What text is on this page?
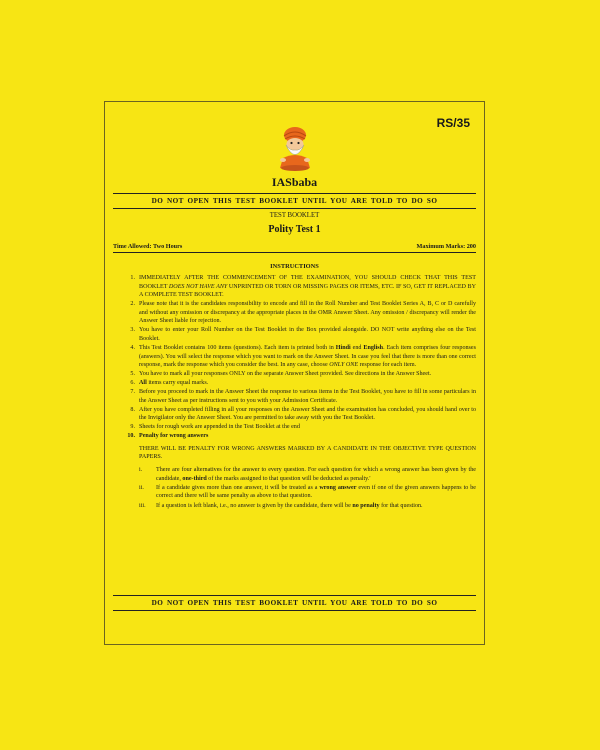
RS/35
IASbaba
DO NOT OPEN THIS TEST BOOKLET UNTIL YOU ARE TOLD TO DO SO
TEST BOOKLET
Polity Test 1
Time Allowed: Two Hours	Maximum Marks: 200
INSTRUCTIONS
1. IMMEDIATELY AFTER THE COMMENCEMENT OF THE EXAMINATION, YOU SHOULD CHECK THAT THIS TEST BOOKLET DOES NOT HAVE ANY UNPRINTED OR TORN OR MISSING PAGES OR ITEMS, ETC. IF SO, GET IT REPLACED BY A COMPLETE TEST BOOKLET.
2. Please note that it is the candidates responsibility to encode and fill in the Roll Number and Test Booklet Series A, B, C or D carefully and without any omission or discrepancy at the appropriate places in the OMR Answer Sheet. Any omission / discrepancy will render the Answer Sheet liable for rejection.
3. You have to enter your Roll Number on the Test Booklet in the Box provided alongside. DO NOT write anything else on the Test Booklet.
4. This Test Booklet contains 100 items (questions). Each item is printed both in Hindi end English. Each item comprises four responses (answers). You will select the response which you want to mark on the Answer Sheet. In case you feel that there is more than one correct response, mark the response which you consider the best. In any case, choose ONLY ONE response for each item.
5. You have to mark all your responses ONLY on the separate Answer Sheet provided. See directions in the Answer Sheet.
6. All items carry equal marks.
7. Before you proceed to mark in the Answer Sheet the response to various items in the Test Booklet, you have to fill in some particulars in the Answer Sheet as per instructions sent to you with your Admission Certificate.
8. After you have completed filling in all your responses on the Answer Sheet and the examination has concluded, you should hand over to the Invigilator only the Answer Sheet. You are permitted to take away with you the Test Booklet.
9. Sheets for rough work are appended in the Test Booklet at the end
10. Penalty for wrong answers
THERE WILL BE PENALTY FOR WRONG ANSWERS MARKED BY A CANDIDATE IN THE OBJECTIVE TYPE QUESTION PAPERS.
i.	There are four alternatives for the answer to every question. For each question for which a wrong answer has been given by the candidate, one-third of the marks assigned to that question will be deducted as penalty.'
ii.	If a candidate gives more than one answer, it will be treated as a wrong answer even if one of the given answers happens to be correct and there will be same penalty as above to that question.
iii.	If a question is left blank, i.e., no answer is given by the candidate, there will be no penalty for that question.
DO NOT OPEN THIS TEST BOOKLET UNTIL YOU ARE TOLD TO DO SO
